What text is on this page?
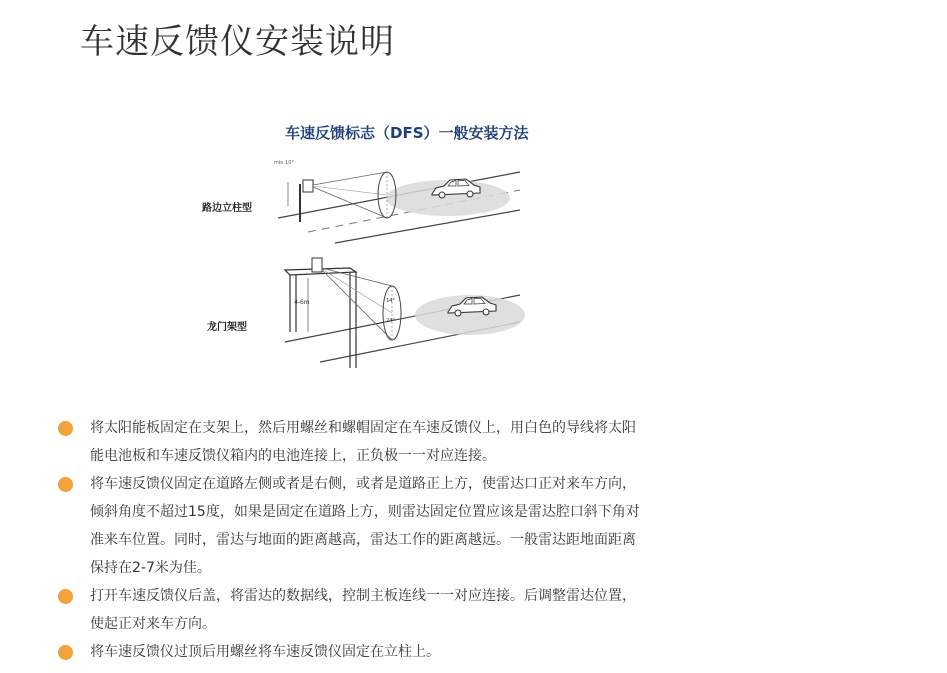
车速反馈仪安装说明
min 10°
4-6m	14°
24°
车速反馈标志（DFS）一般安装方法
路边立柱型
龙门架型
将太阳能板固定在支架上，然后用螺丝和螺帽固定在车速反馈仪上，用白色的导线将太阳
能电池板和车速反馈仪箱内的电池连接上，正负极一一对应连接。
将车速反馈仪固定在道路左侧或者是右侧，或者是道路正上方，使雷达口正对来车方向，
倾斜角度不超过15度，如果是固定在道路上方，则雷达固定位置应该是雷达腔口斜下角对
准来车位置。同时，雷达与地面的距离越高，雷达工作的距离越远。一般雷达距地面距离
保持在2-7米为佳。
打开车速反馈仪后盖，将雷达的数据线，控制主板连线一一对应连接。后调整雷达位置，
使起正对来车方向。
将车速反馈仪过顶后用螺丝将车速反馈仪固定在立柱上。
